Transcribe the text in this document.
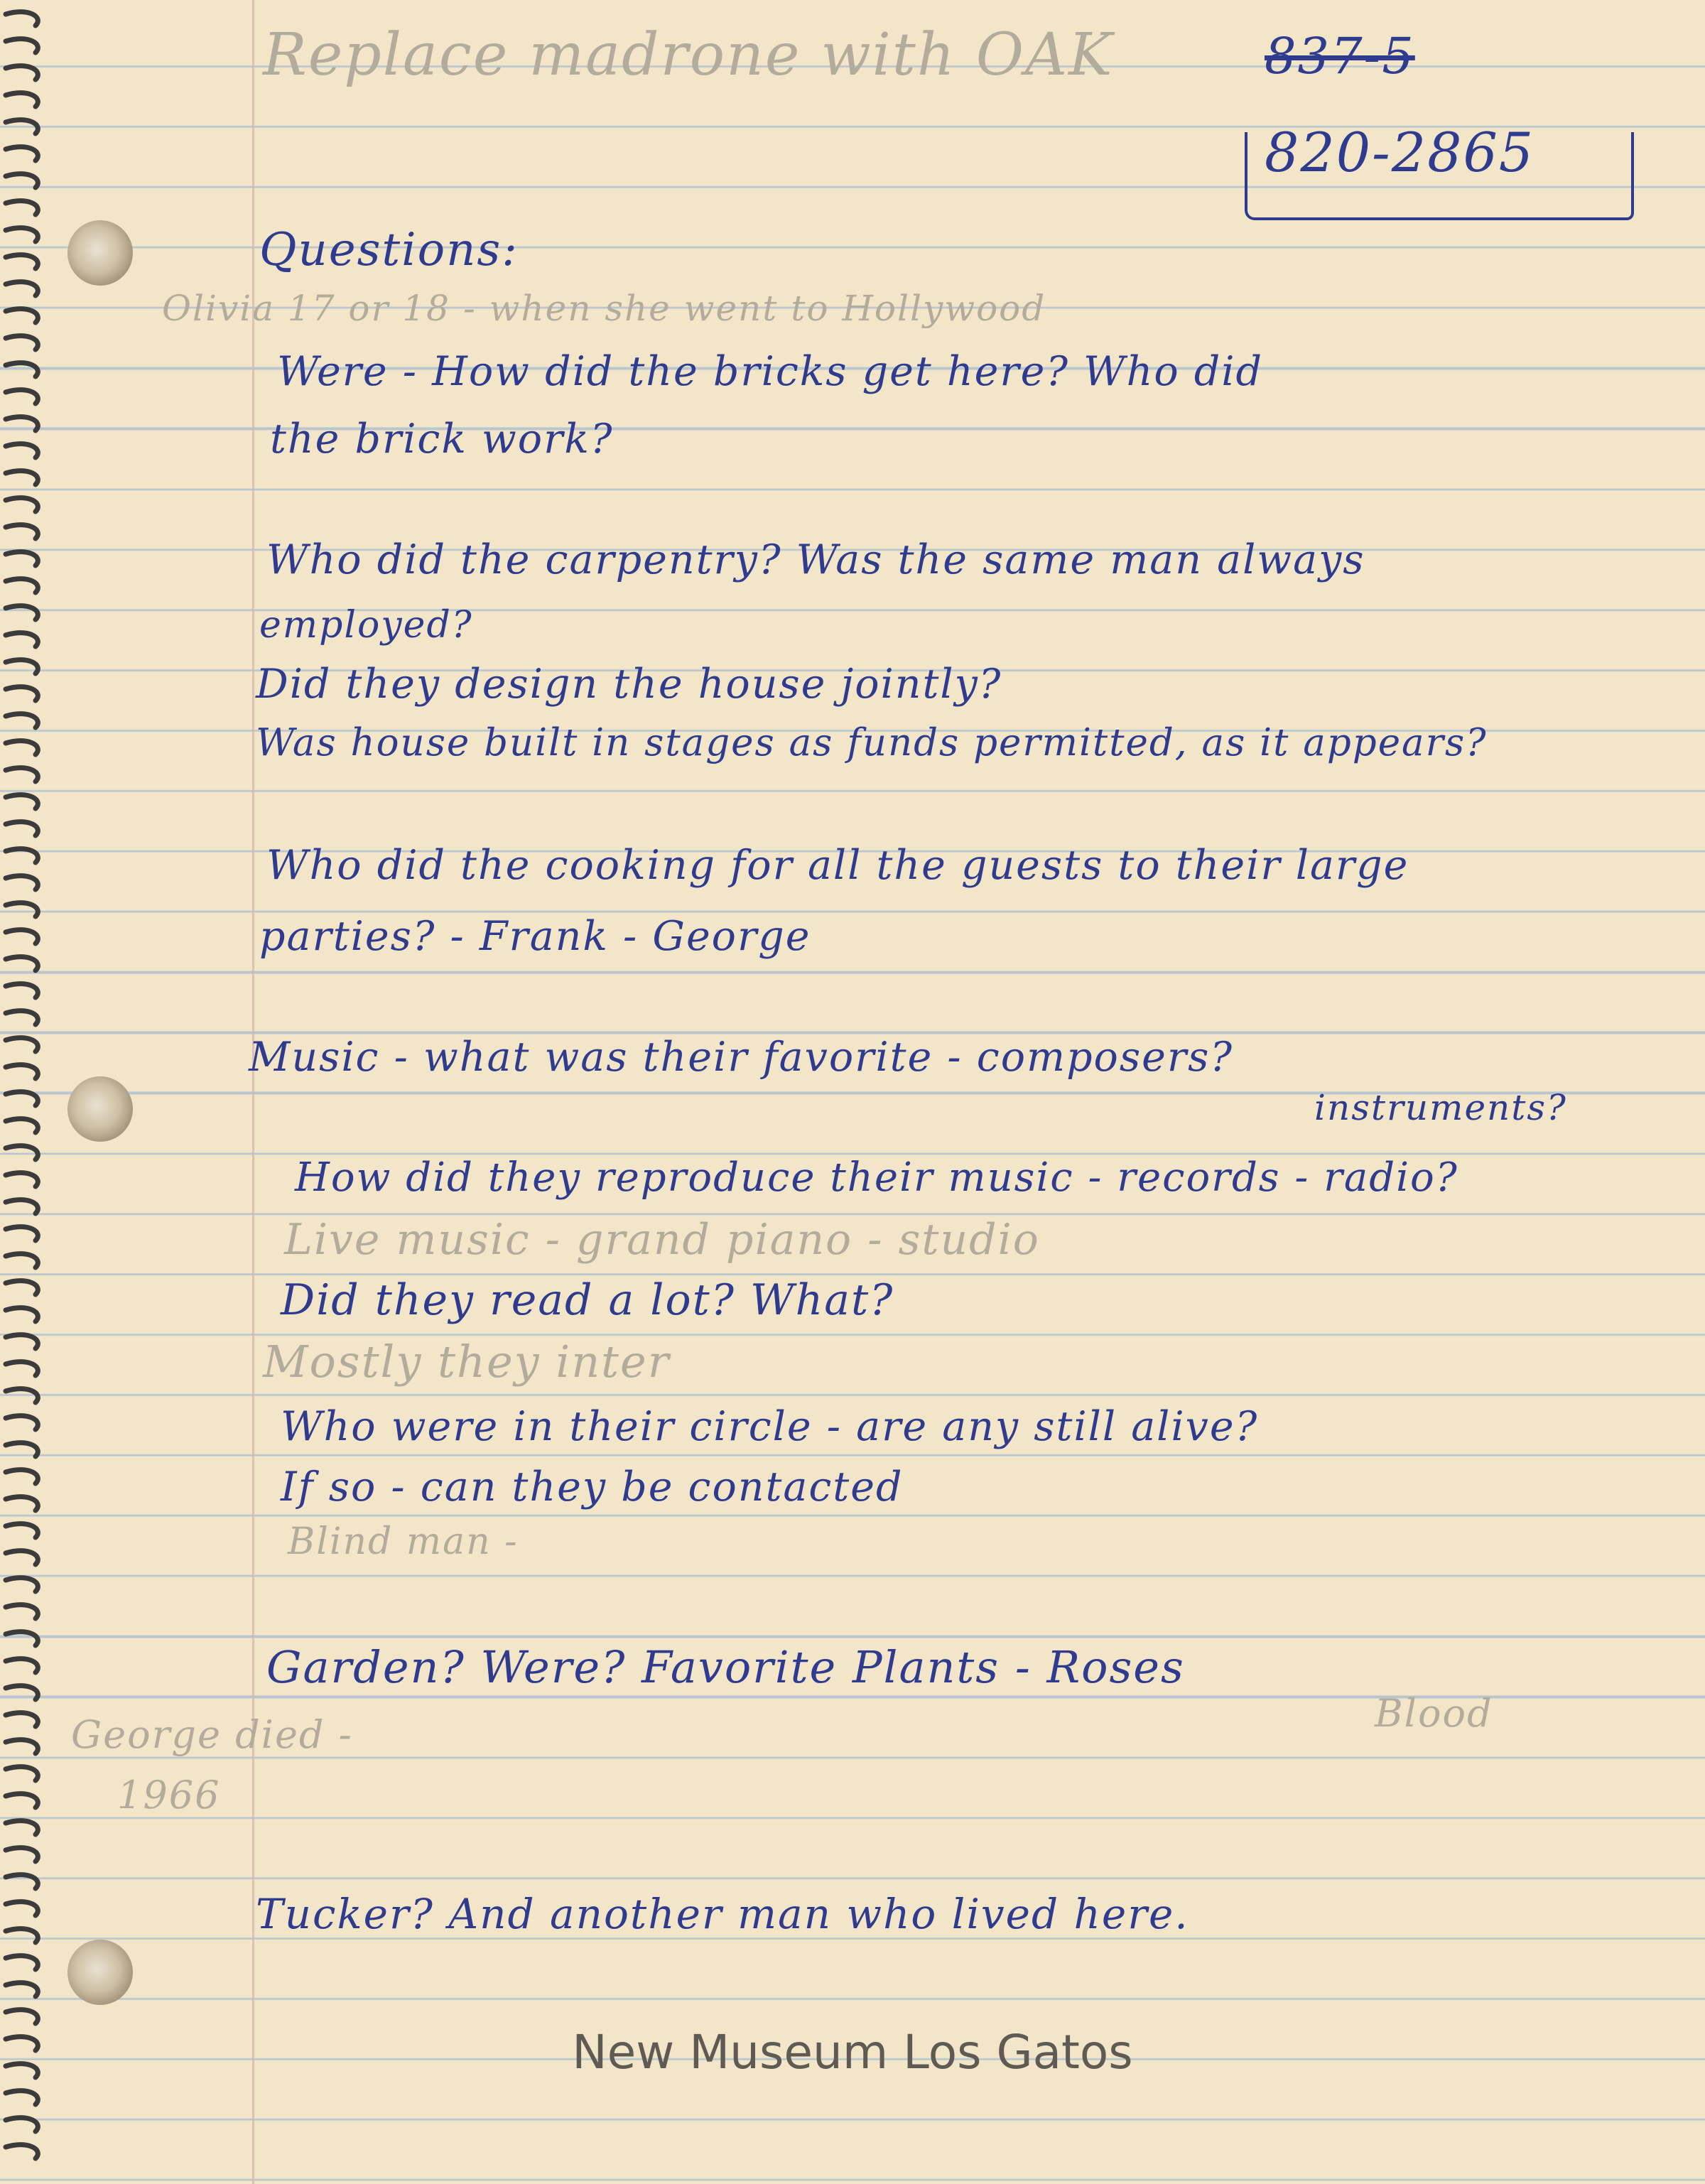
Replace madrone with OAK	837-5
820-2865
Questions:
Olivia 17 or 18 - when she went to Hollywood
Were - How did the bricks get here? Who did
the brick work?
Who did the carpentry? Was the same man always
employed?
Did they design the house jointly?
Was house built in stages as funds permitted, as it appears?
Who did the cooking for all the guests to their large
parties? - Frank - George
Music - what was their favorite - composers?
instruments?
How did they reproduce their music - records - radio?
Live music - grand piano - studio
Did they read a lot? What?
Mostly they inter
Who were in their circle - are any still alive?
If so - can they be contacted
Blind man -
Garden? Were? Favorite Plants - Roses
Blood
Tucker? And another man who lived here.
George died -
1966
New Museum Los Gatos
